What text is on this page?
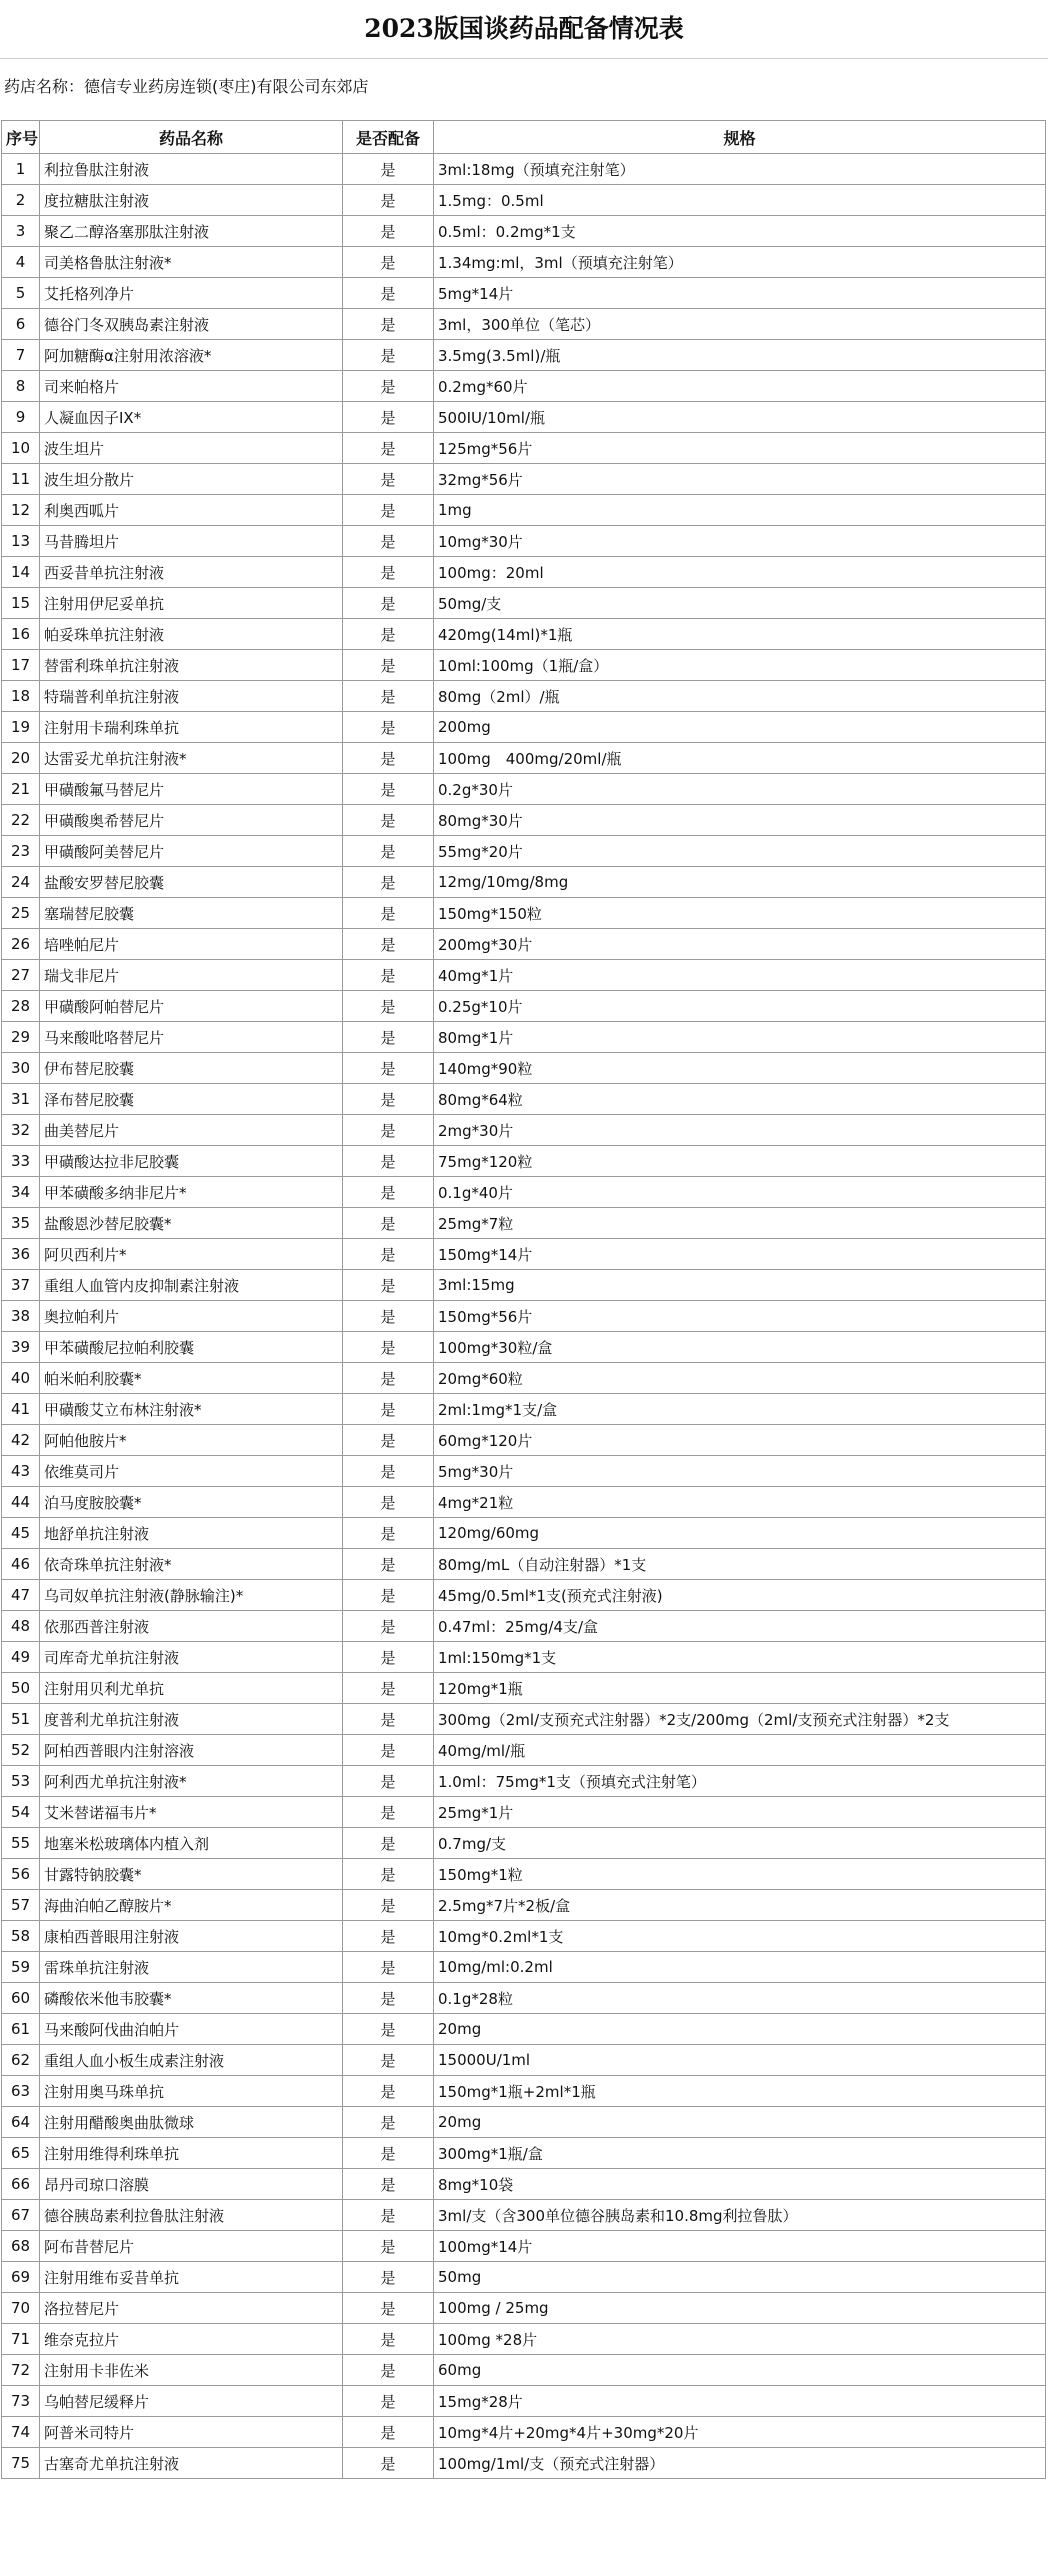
2023版国谈药品配备情况表
药店名称：德信专业药房连锁(枣庄)有限公司东郊店
序号	药品名称	是否配备	规格
1	利拉鲁肽注射液	是	3ml:18mg（预填充注射笔）
2	度拉糖肽注射液	是	1.5mg：0.5ml
3	聚乙二醇洛塞那肽注射液	是	0.5ml：0.2mg*1支
4	司美格鲁肽注射液*	是	1.34mg:ml，3ml（预填充注射笔）
5	艾托格列净片	是	5mg*14片
6	德谷门冬双胰岛素注射液	是	3ml，300单位（笔芯）
7	阿加糖酶α注射用浓溶液*	是	3.5mg(3.5ml)/瓶
8	司来帕格片	是	0.2mg*60片
9	人凝血因子IX*	是	500IU/10ml/瓶
10	波生坦片	是	125mg*56片
11	波生坦分散片	是	32mg*56片
12	利奥西呱片	是	1mg
13	马昔腾坦片	是	10mg*30片
14	西妥昔单抗注射液	是	100mg：20ml
15	注射用伊尼妥单抗	是	50mg/支
16	帕妥珠单抗注射液	是	420mg(14ml)*1瓶
17	替雷利珠单抗注射液	是	10ml:100mg（1瓶/盒）
18	特瑞普利单抗注射液	是	80mg（2ml）/瓶
19	注射用卡瑞利珠单抗	是	200mg
20	达雷妥尤单抗注射液*	是	100mg　400mg/20ml/瓶
21	甲磺酸氟马替尼片	是	0.2g*30片
22	甲磺酸奥希替尼片	是	80mg*30片
23	甲磺酸阿美替尼片	是	55mg*20片
24	盐酸安罗替尼胶囊	是	12mg/10mg/8mg
25	塞瑞替尼胶囊	是	150mg*150粒
26	培唑帕尼片	是	200mg*30片
27	瑞戈非尼片	是	40mg*1片
28	甲磺酸阿帕替尼片	是	0.25g*10片
29	马来酸吡咯替尼片	是	80mg*1片
30	伊布替尼胶囊	是	140mg*90粒
31	泽布替尼胶囊	是	80mg*64粒
32	曲美替尼片	是	2mg*30片
33	甲磺酸达拉非尼胶囊	是	75mg*120粒
34	甲苯磺酸多纳非尼片*	是	0.1g*40片
35	盐酸恩沙替尼胶囊*	是	25mg*7粒
36	阿贝西利片*	是	150mg*14片
37	重组人血管内皮抑制素注射液	是	3ml:15mg
38	奥拉帕利片	是	150mg*56片
39	甲苯磺酸尼拉帕利胶囊	是	100mg*30粒/盒
40	帕米帕利胶囊*	是	20mg*60粒
41	甲磺酸艾立布林注射液*	是	2ml:1mg*1支/盒
42	阿帕他胺片*	是	60mg*120片
43	依维莫司片	是	5mg*30片
44	泊马度胺胶囊*	是	4mg*21粒
45	地舒单抗注射液	是	120mg/60mg
46	依奇珠单抗注射液*	是	80mg/mL（自动注射器）*1支
47	乌司奴单抗注射液(静脉输注)*	是	45mg/0.5ml*1支(预充式注射液)
48	依那西普注射液	是	0.47ml：25mg/4支/盒
49	司库奇尤单抗注射液	是	1ml:150mg*1支
50	注射用贝利尤单抗	是	120mg*1瓶
51	度普利尤单抗注射液	是	300mg（2ml/支预充式注射器）*2支/200mg（2ml/支预充式注射器）*2支
52	阿柏西普眼内注射溶液	是	40mg/ml/瓶
53	阿利西尤单抗注射液*	是	1.0ml：75mg*1支（预填充式注射笔）
54	艾米替诺福韦片*	是	25mg*1片
55	地塞米松玻璃体内植入剂	是	0.7mg/支
56	甘露特钠胶囊*	是	150mg*1粒
57	海曲泊帕乙醇胺片*	是	2.5mg*7片*2板/盒
58	康柏西普眼用注射液	是	10mg*0.2ml*1支
59	雷珠单抗注射液	是	10mg/ml:0.2ml
60	磷酸依米他韦胶囊*	是	0.1g*28粒
61	马来酸阿伐曲泊帕片	是	20mg
62	重组人血小板生成素注射液	是	15000U/1ml
63	注射用奥马珠单抗	是	150mg*1瓶+2ml*1瓶
64	注射用醋酸奥曲肽微球	是	20mg
65	注射用维得利珠单抗	是	300mg*1瓶/盒
66	昂丹司琼口溶膜	是	8mg*10袋
67	德谷胰岛素利拉鲁肽注射液	是	3ml/支（含300单位德谷胰岛素和10.8mg利拉鲁肽）
68	阿布昔替尼片	是	100mg*14片
69	注射用维布妥昔单抗	是	50mg
70	洛拉替尼片	是	100mg / 25mg
71	维奈克拉片	是	100mg *28片
72	注射用卡非佐米	是	60mg
73	乌帕替尼缓释片	是	15mg*28片
74	阿普米司特片	是	10mg*4片+20mg*4片+30mg*20片
75	古塞奇尤单抗注射液	是	100mg/1ml/支（预充式注射器）
